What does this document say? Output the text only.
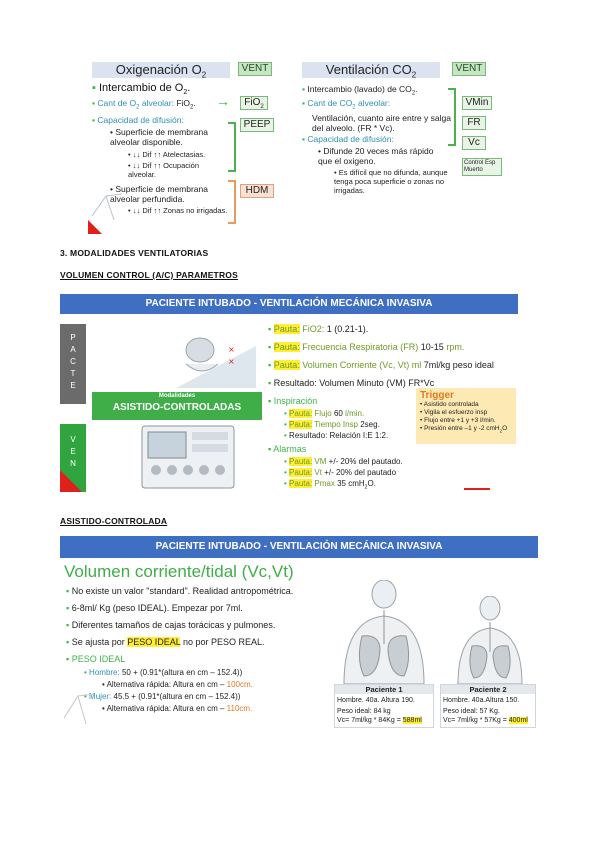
Oxigenación $O_2$
VENT	Ventilación $CO_2$
VENT
▪ Intercambio de $O_2$.
▪ Cant de $O_2$ alveolar: FiO$_2$.	→	FiO$_2$
▪ Capacidad de difusión:
• Superficie de membrana alveolar disponible.
• ↓↓ Dif ↑↑ Atelectasias.
• ↓↓ Dif ↑↑ Ocupación alveolar.
PEEP
• Superficie de membrana alveolar perfundida.
• ↓↓ Dif ↑↑ Zonas no irrigadas.
HDM
▪ Intercambio (lavado) de $CO_2$.
▪ Cant de $CO_2$ alveolar:
Ventilación, cuanto aire entre y salga del alveolo. (FR * Vc).
▪ Capacidad de difusión:
• Difunde 20 veces más rápido que el oxigeno.
• Es difícil que no difunda, aunque tenga poca superficie o zonas no irrigadas.
VMin
FR
Vc
Control Esp Muerto
3. MODALIDADES VENTILATORIAS
VOLUMEN CONTROL (A/C) PARAMETROS
PACIENTE INTUBADO - VENTILACIÓN MECÁNICA INVASIVA
P A C T E
V E N
×
×
Modalidades
ASISTIDO-CONTROLADAS
▪ Pauta: FiO2: 1 (0.21-1).
▪ Pauta: Frecuencia Respiratoria (FR) 10-15 rpm.
▪ Pauta: Volumen Corriente (Vc, Vt) ml 7ml/kg peso ideal
▪ Resultado: Volumen Minuto (VM) FR*Vc
▪ Inspiración
• Pauta: Flujo 60 l/min.
• Pauta: Tiempo Insp 2seg.
• Resultado: Relación I:E 1:2.
▪ Alarmas
• Pauta: VM +/- 20% del pautado.
• Pauta: Vt +/- 20% del pautado
• Pauta: Pmax 35 cmH$_2$O.
Trigger
• Asistido controlada
• Vigila el esfuerzo insp
• Flujo entre +1 y +3 l/min.
• Presión entre –1 y -2 cmH$_2$O
ASISTIDO-CONTROLADA
PACIENTE INTUBADO - VENTILACIÓN MECÁNICA INVASIVA
Volumen corriente/tidal (Vc,Vt)
▪ No existe un valor "standard". Realidad antropométrica.
▪ 6-8ml/ Kg (peso IDEAL). Empezar por 7ml.
▪ Diferentes tamaños de cajas torácicas y pulmones.
▪ Se ajusta por PESO IDEAL no por PESO REAL.
▪ PESO IDEAL
• Hombre: 50 + (0.91*(altura en cm – 152.4))
• Alternativa rápida: Altura en cm – 100cm.
• Mujer: 45.5 + (0.91*(altura en cm – 152.4))
• Alternativa rápida: Altura en cm – 110cm.
Paciente 1
Hombre. 40a. Altura 190.
Peso ideal: 84 kg
Vc= 7ml/kg * 84Kg = 588ml
Paciente 2
Hombre. 40a.Altura 150.
Peso ideal: 57 Kg.
Vc= 7ml/kg * 57Kg = 400ml
